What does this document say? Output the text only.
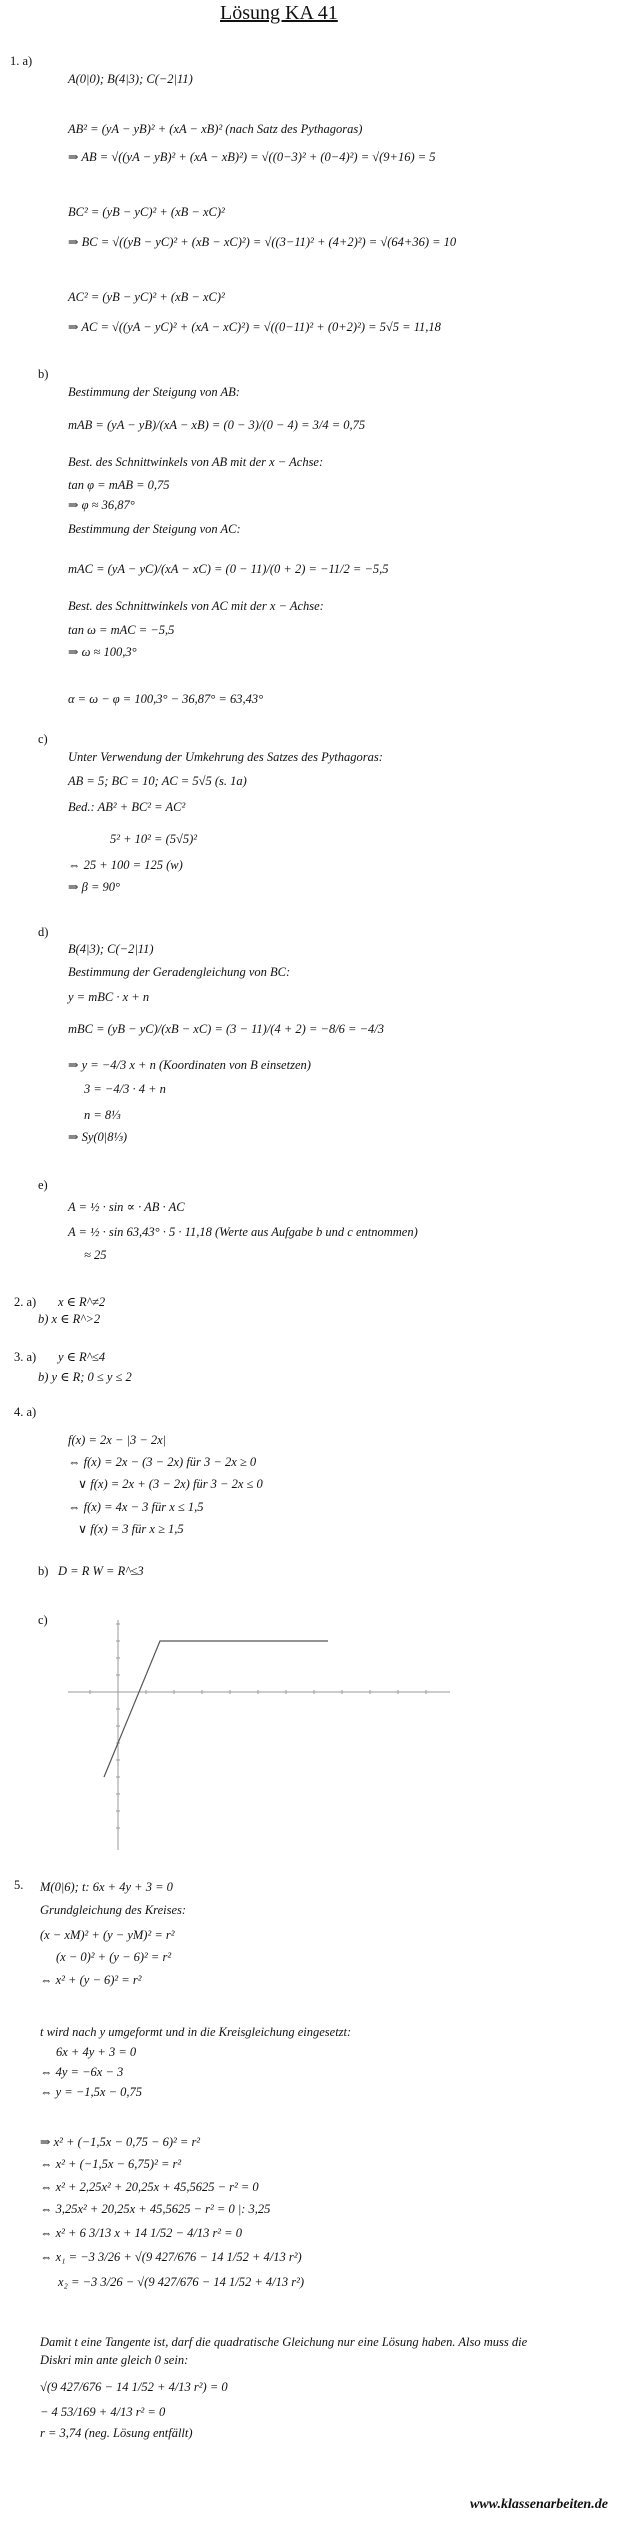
Lösung KA 41
1. a)
A(0|0); B(4|3); C(−2|11)
AB² = (yA − yB)² + (xA − xB)² (nach Satz des Pythagoras)
⇒ AB = √((yA − yB)² + (xA − xB)²) = √((0−3)² + (0−4)²) = √(9+16) = 5
BC² = (yB − yC)² + (xB − xC)²
⇒ BC = √((yB − yC)² + (xB − xC)²) = √((3−11)² + (4+2)²) = √(64+36) = 10
AC² = (yB − yC)² + (xB − xC)²
⇒ AC = √((yA − yC)² + (xA − xC)²) = √((0−11)² + (0+2)²) = 5√5 = 11,18
b)
Bestimmung der Steigung von AB:
mAB = (yA − yB)/(xA − xB) = (0 − 3)/(0 − 4) = 3/4 = 0,75
Best. des Schnittwinkels von AB mit der x − Achse:
tan φ = mAB = 0,75
⇒ φ ≈ 36,87°
Bestimmung der Steigung von AC:
mAC = (yA − yC)/(xA − xC) = (0 − 11)/(0 + 2) = −11/2 = −5,5
Best. des Schnittwinkels von AC mit der x − Achse:
tan ω = mAC = −5,5
⇒ ω ≈ 100,3°
α = ω − φ = 100,3° − 36,87° = 63,43°
c)
Unter Verwendung der Umkehrung des Satzes des Pythagoras:
AB = 5; BC = 10; AC = 5√5 (s. 1a)
Bed.: AB² + BC² = AC²
5² + 10² = (5√5)²
⇔ 25 + 100 = 125 (w)
⇒ β = 90°
d)
B(4|3); C(−2|11)
Bestimmung der Geradengleichung von BC:
y = mBC · x + n
mBC = (yB − yC)/(xB − xC) = (3 − 11)/(4 + 2) = −8/6 = −4/3
⇒ y = −4/3 x + n (Koordinaten von B einsetzen)
3 = −4/3 · 4 + n
n = 8⅓
⇒ Sy(0|8⅓)
e)
A = ½ · sin ∝ · AB · AC
A = ½ · sin 63,43° · 5 · 11,18 (Werte aus Aufgabe b und c entnommen)
≈ 25
2. a) x ∈ R^≠2
b) x ∈ R^>2
3. a) y ∈ R^≤4
b) y ∈ R; 0 ≤ y ≤ 2
4. a)
f(x) = 2x − |3 − 2x|
⇔ f(x) = 2x − (3 − 2x) für 3 − 2x ≥ 0
∨ f(x) = 2x + (3 − 2x) für 3 − 2x ≤ 0
⇔ f(x) = 4x − 3 für x ≤ 1,5
∨ f(x) = 3 für x ≥ 1,5
b) D = R W = R^≤3
c)
5. M(0|6); t: 6x + 4y + 3 = 0
Grundgleichung des Kreises:
(x − xM)² + (y − yM)² = r²
(x − 0)² + (y − 6)² = r²
⇔ x² + (y − 6)² = r²
t wird nach y umgeformt und in die Kreisgleichung eingesetzt:
6x + 4y + 3 = 0
⇔ 4y = −6x − 3
⇔ y = −1,5x − 0,75
⇒ x² + (−1,5x − 0,75 − 6)² = r²
⇔ x² + (−1,5x − 6,75)² = r²
⇔ x² + 2,25x² + 20,25x + 45,5625 − r² = 0
⇔ 3,25x² + 20,25x + 45,5625 − r² = 0 |: 3,25
⇔ x² + 6 3/13 x + 14 1/52 − 4/13 r² = 0
⇔ x₁ = −3 3/26 + √(9 427/676 − 14 1/52 + 4/13 r²)
x₂ = −3 3/26 − √(9 427/676 − 14 1/52 + 4/13 r²)
Damit t eine Tangente ist, darf die quadratische Gleichung nur eine Lösung haben. Also muss die
Diskri min ante gleich 0 sein:
√(9 427/676 − 14 1/52 + 4/13 r²) = 0
− 4 53/169 + 4/13 r² = 0
r = 3,74 (neg. Lösung entfällt)
www.klassenarbeiten.de
